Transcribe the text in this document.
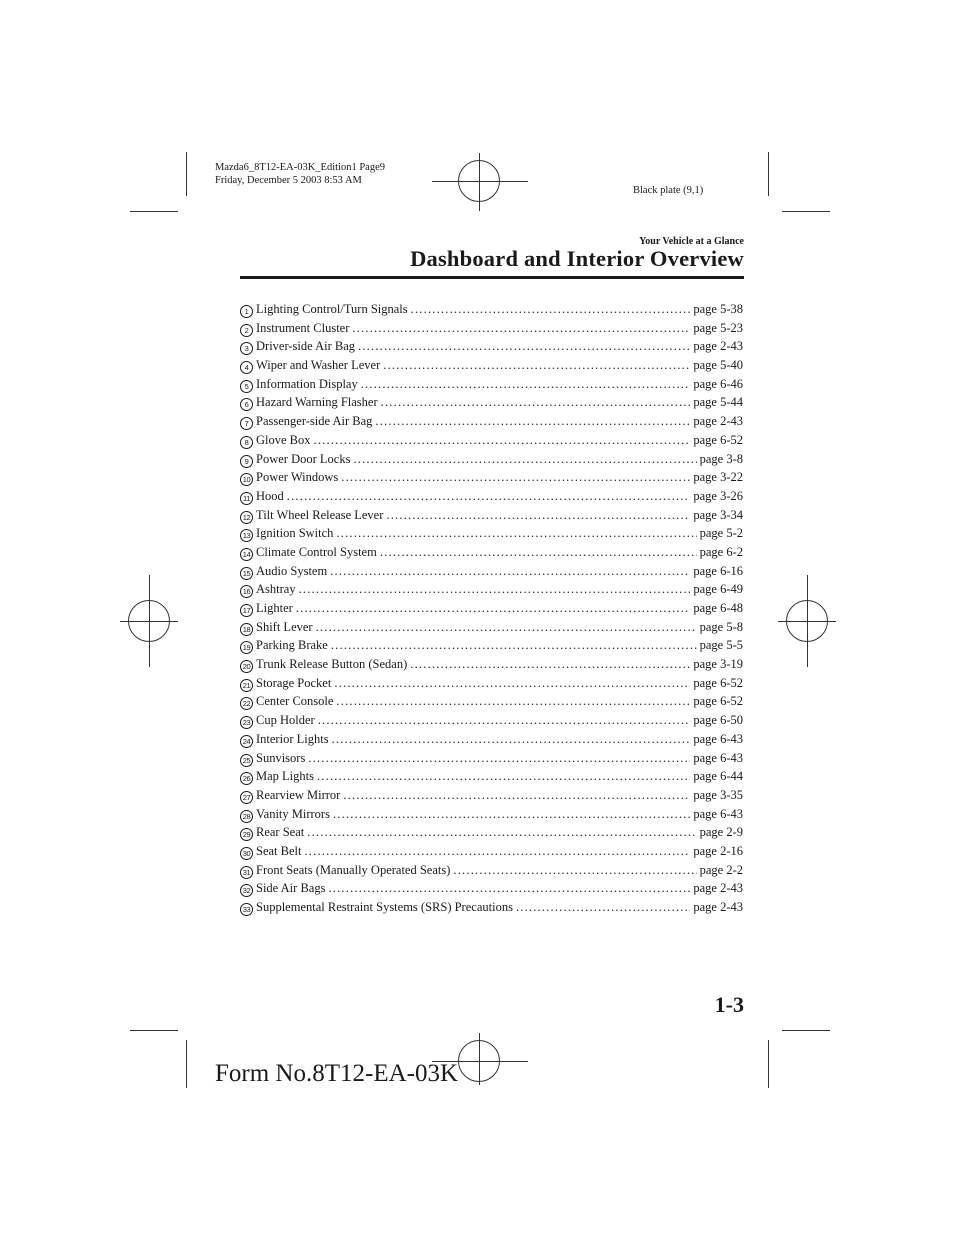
Mazda6_8T12-EA-03K_Edition1 Page9
Friday, December 5 2003 8:53 AM
Black plate (9,1)
Your Vehicle at a Glance
Dashboard and Interior Overview
1 Lighting Control/Turn Signals .....	page 5-38
2 Instrument Cluster .....	page 5-23
3 Driver-side Air Bag .....	page 2-43
4 Wiper and Washer Lever .....	page 5-40
5 Information Display .....	page 6-46
6 Hazard Warning Flasher .....	page 5-44
7 Passenger-side Air Bag .....	page 2-43
8 Glove Box .....	page 6-52
9 Power Door Locks .....	page 3-8
10 Power Windows .....	page 3-22
11 Hood .....	page 3-26
12 Tilt Wheel Release Lever .....	page 3-34
13 Ignition Switch .....	page 5-2
14 Climate Control System .....	page 6-2
15 Audio System .....	page 6-16
16 Ashtray .....	page 6-49
17 Lighter .....	page 6-48
18 Shift Lever .....	page 5-8
19 Parking Brake .....	page 5-5
20 Trunk Release Button (Sedan) .....	page 3-19
21 Storage Pocket .....	page 6-52
22 Center Console .....	page 6-52
23 Cup Holder .....	page 6-50
24 Interior Lights .....	page 6-43
25 Sunvisors .....	page 6-43
26 Map Lights .....	page 6-44
27 Rearview Mirror .....	page 3-35
28 Vanity Mirrors .....	page 6-43
29 Rear Seat .....	page 2-9
30 Seat Belt .....	page 2-16
31 Front Seats (Manually Operated Seats) .....	page 2-2
32 Side Air Bags .....	page 2-43
33 Supplemental Restraint Systems (SRS) Precautions .....	page 2-43
1-3
Form No.8T12-EA-03K
